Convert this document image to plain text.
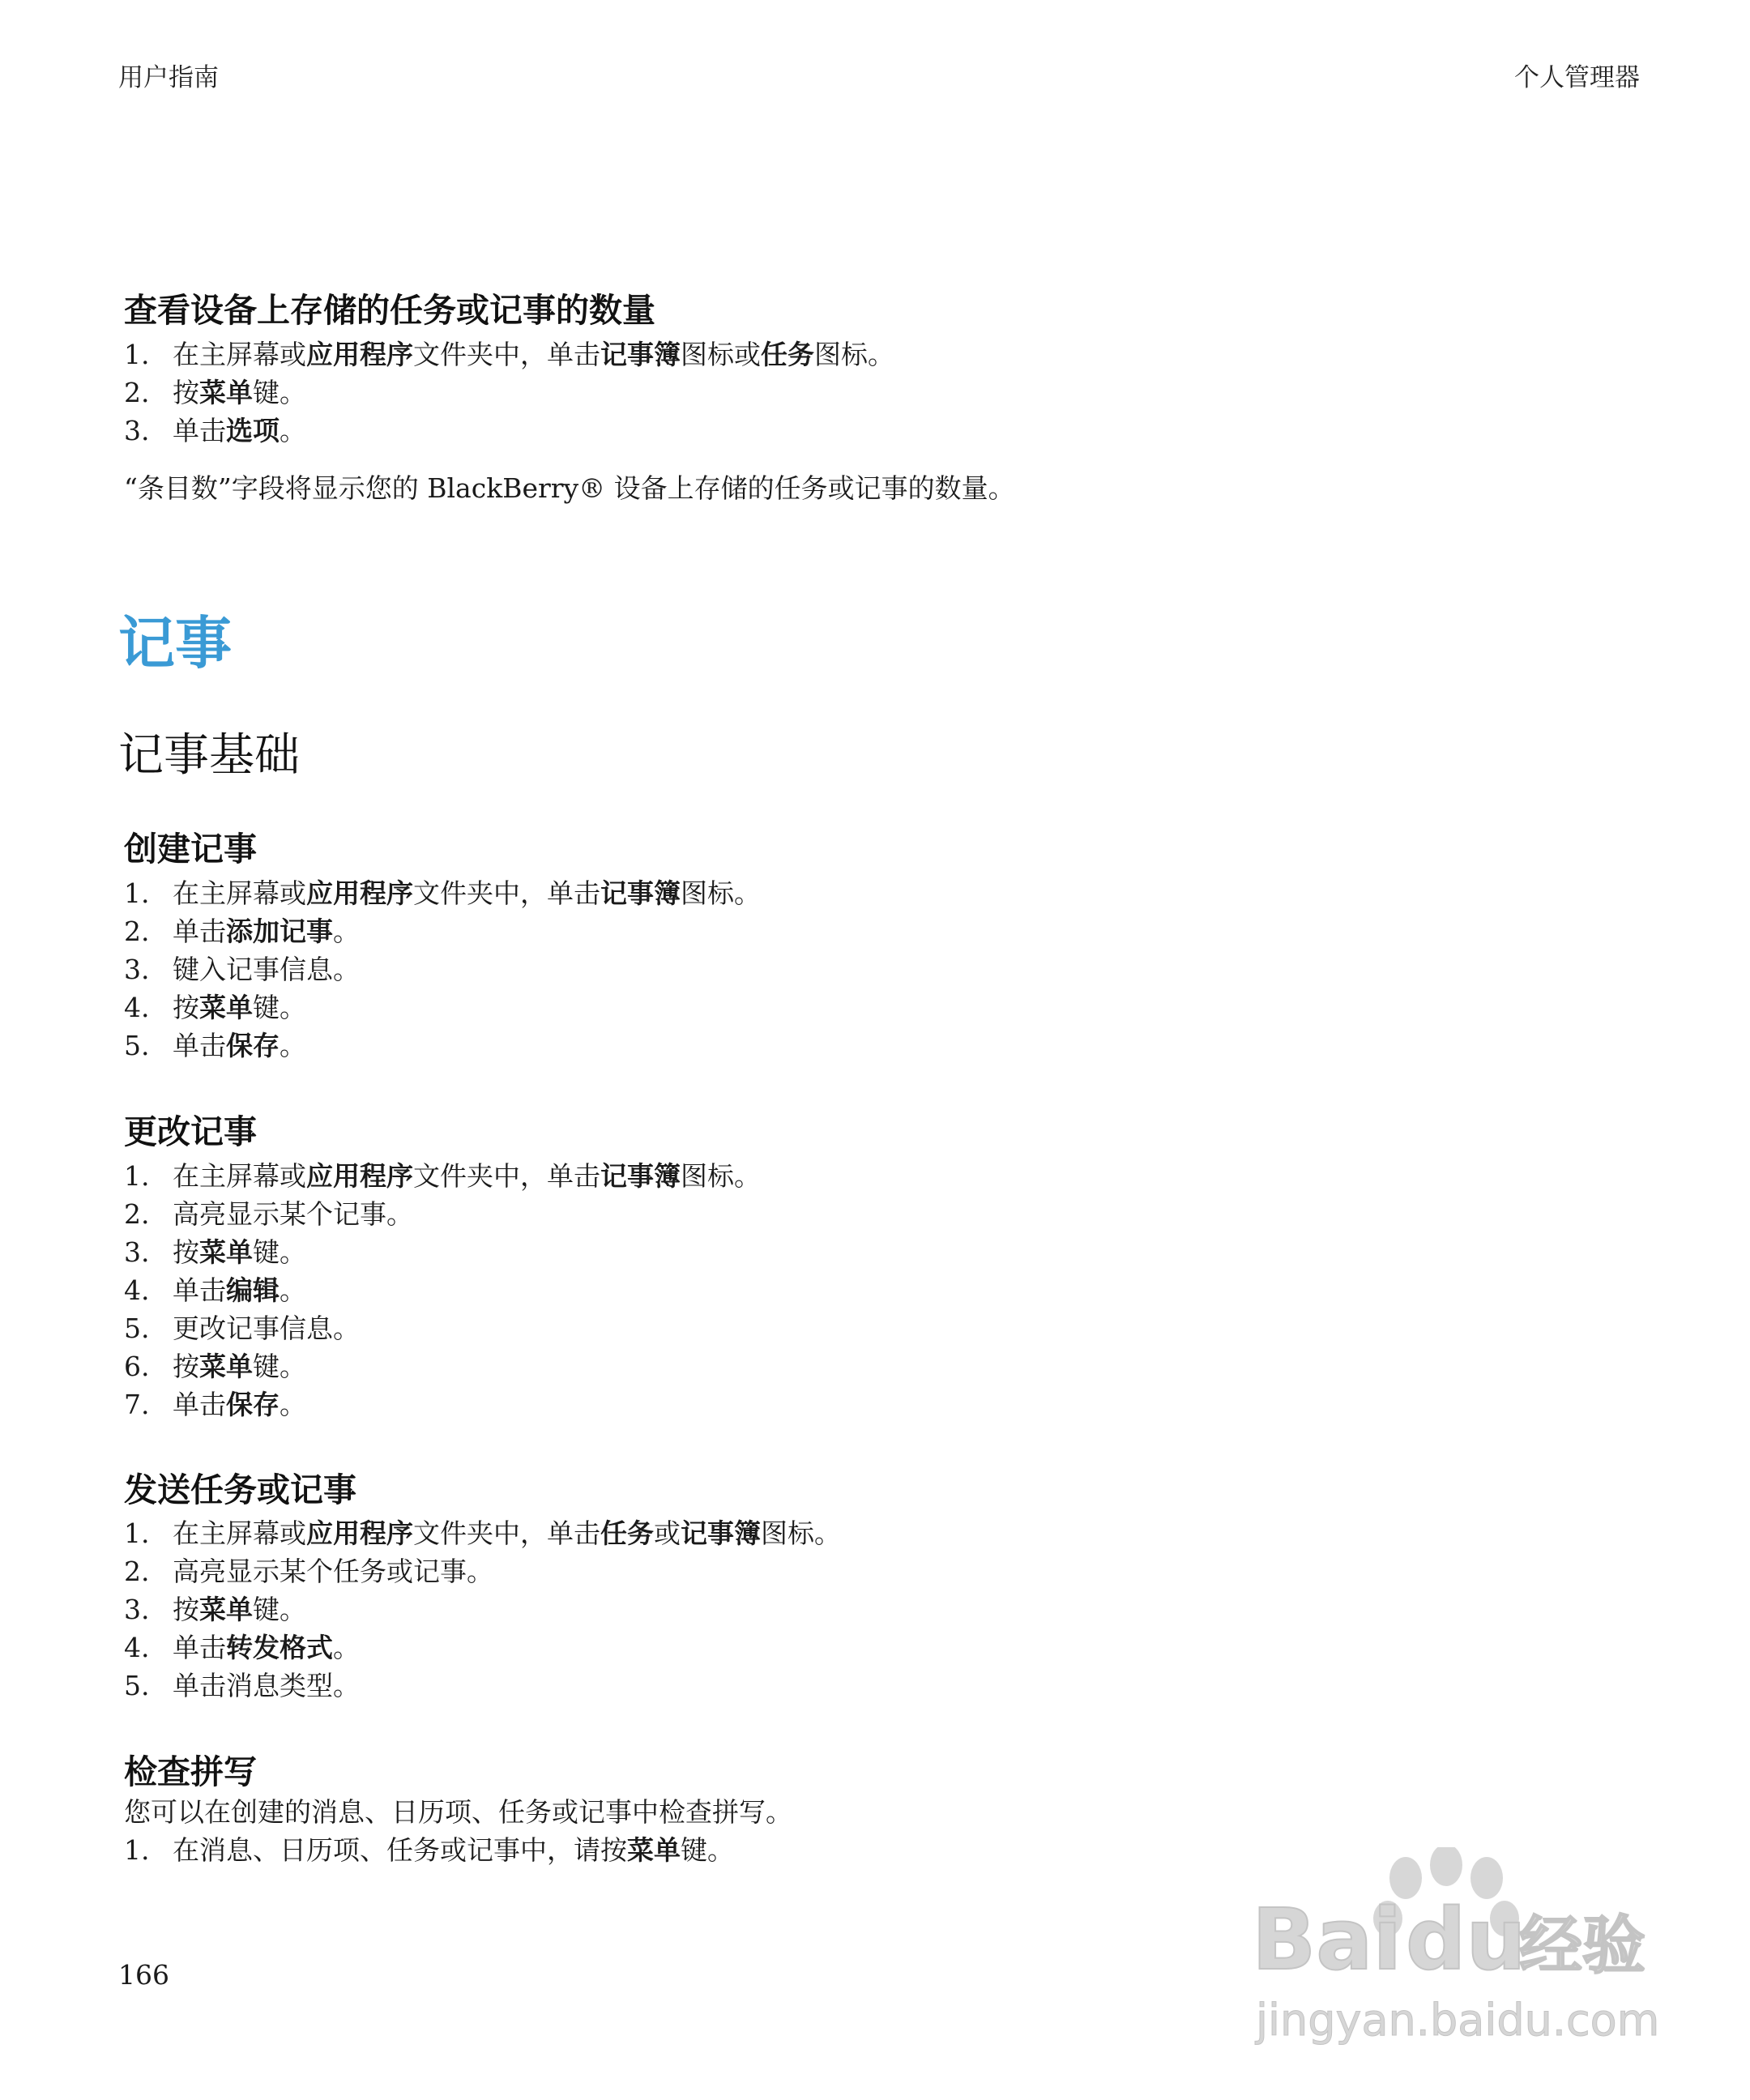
用户指南	个人管理器
查看设备上存储的任务或记事的数量
1. 在主屏幕或应用程序文件夹中，单击记事簿图标或任务图标。
2. 按菜单键。
3. 单击选项。

“条目数”字段将显示您的 BlackBerry® 设备上存储的任务或记事的数量。

记事
记事基础
创建记事
1. 在主屏幕或应用程序文件夹中，单击记事簿图标。
2. 单击添加记事。
3. 键入记事信息。
4. 按菜单键。
5. 单击保存。
更改记事
1. 在主屏幕或应用程序文件夹中，单击记事簿图标。
2. 高亮显示某个记事。
3. 按菜单键。
4. 单击编辑。
5. 更改记事信息。
6. 按菜单键。
7. 单击保存。
发送任务或记事
1. 在主屏幕或应用程序文件夹中，单击任务或记事簿图标。
2. 高亮显示某个任务或记事。
3. 按菜单键。
4. 单击转发格式。
5. 单击消息类型。
检查拼写

您可以在创建的消息、日历项、任务或记事中检查拼写。

1. 在消息、日历项、任务或记事中，请按菜单键。
166	Bai du
经验
jingyan.baidu.com
